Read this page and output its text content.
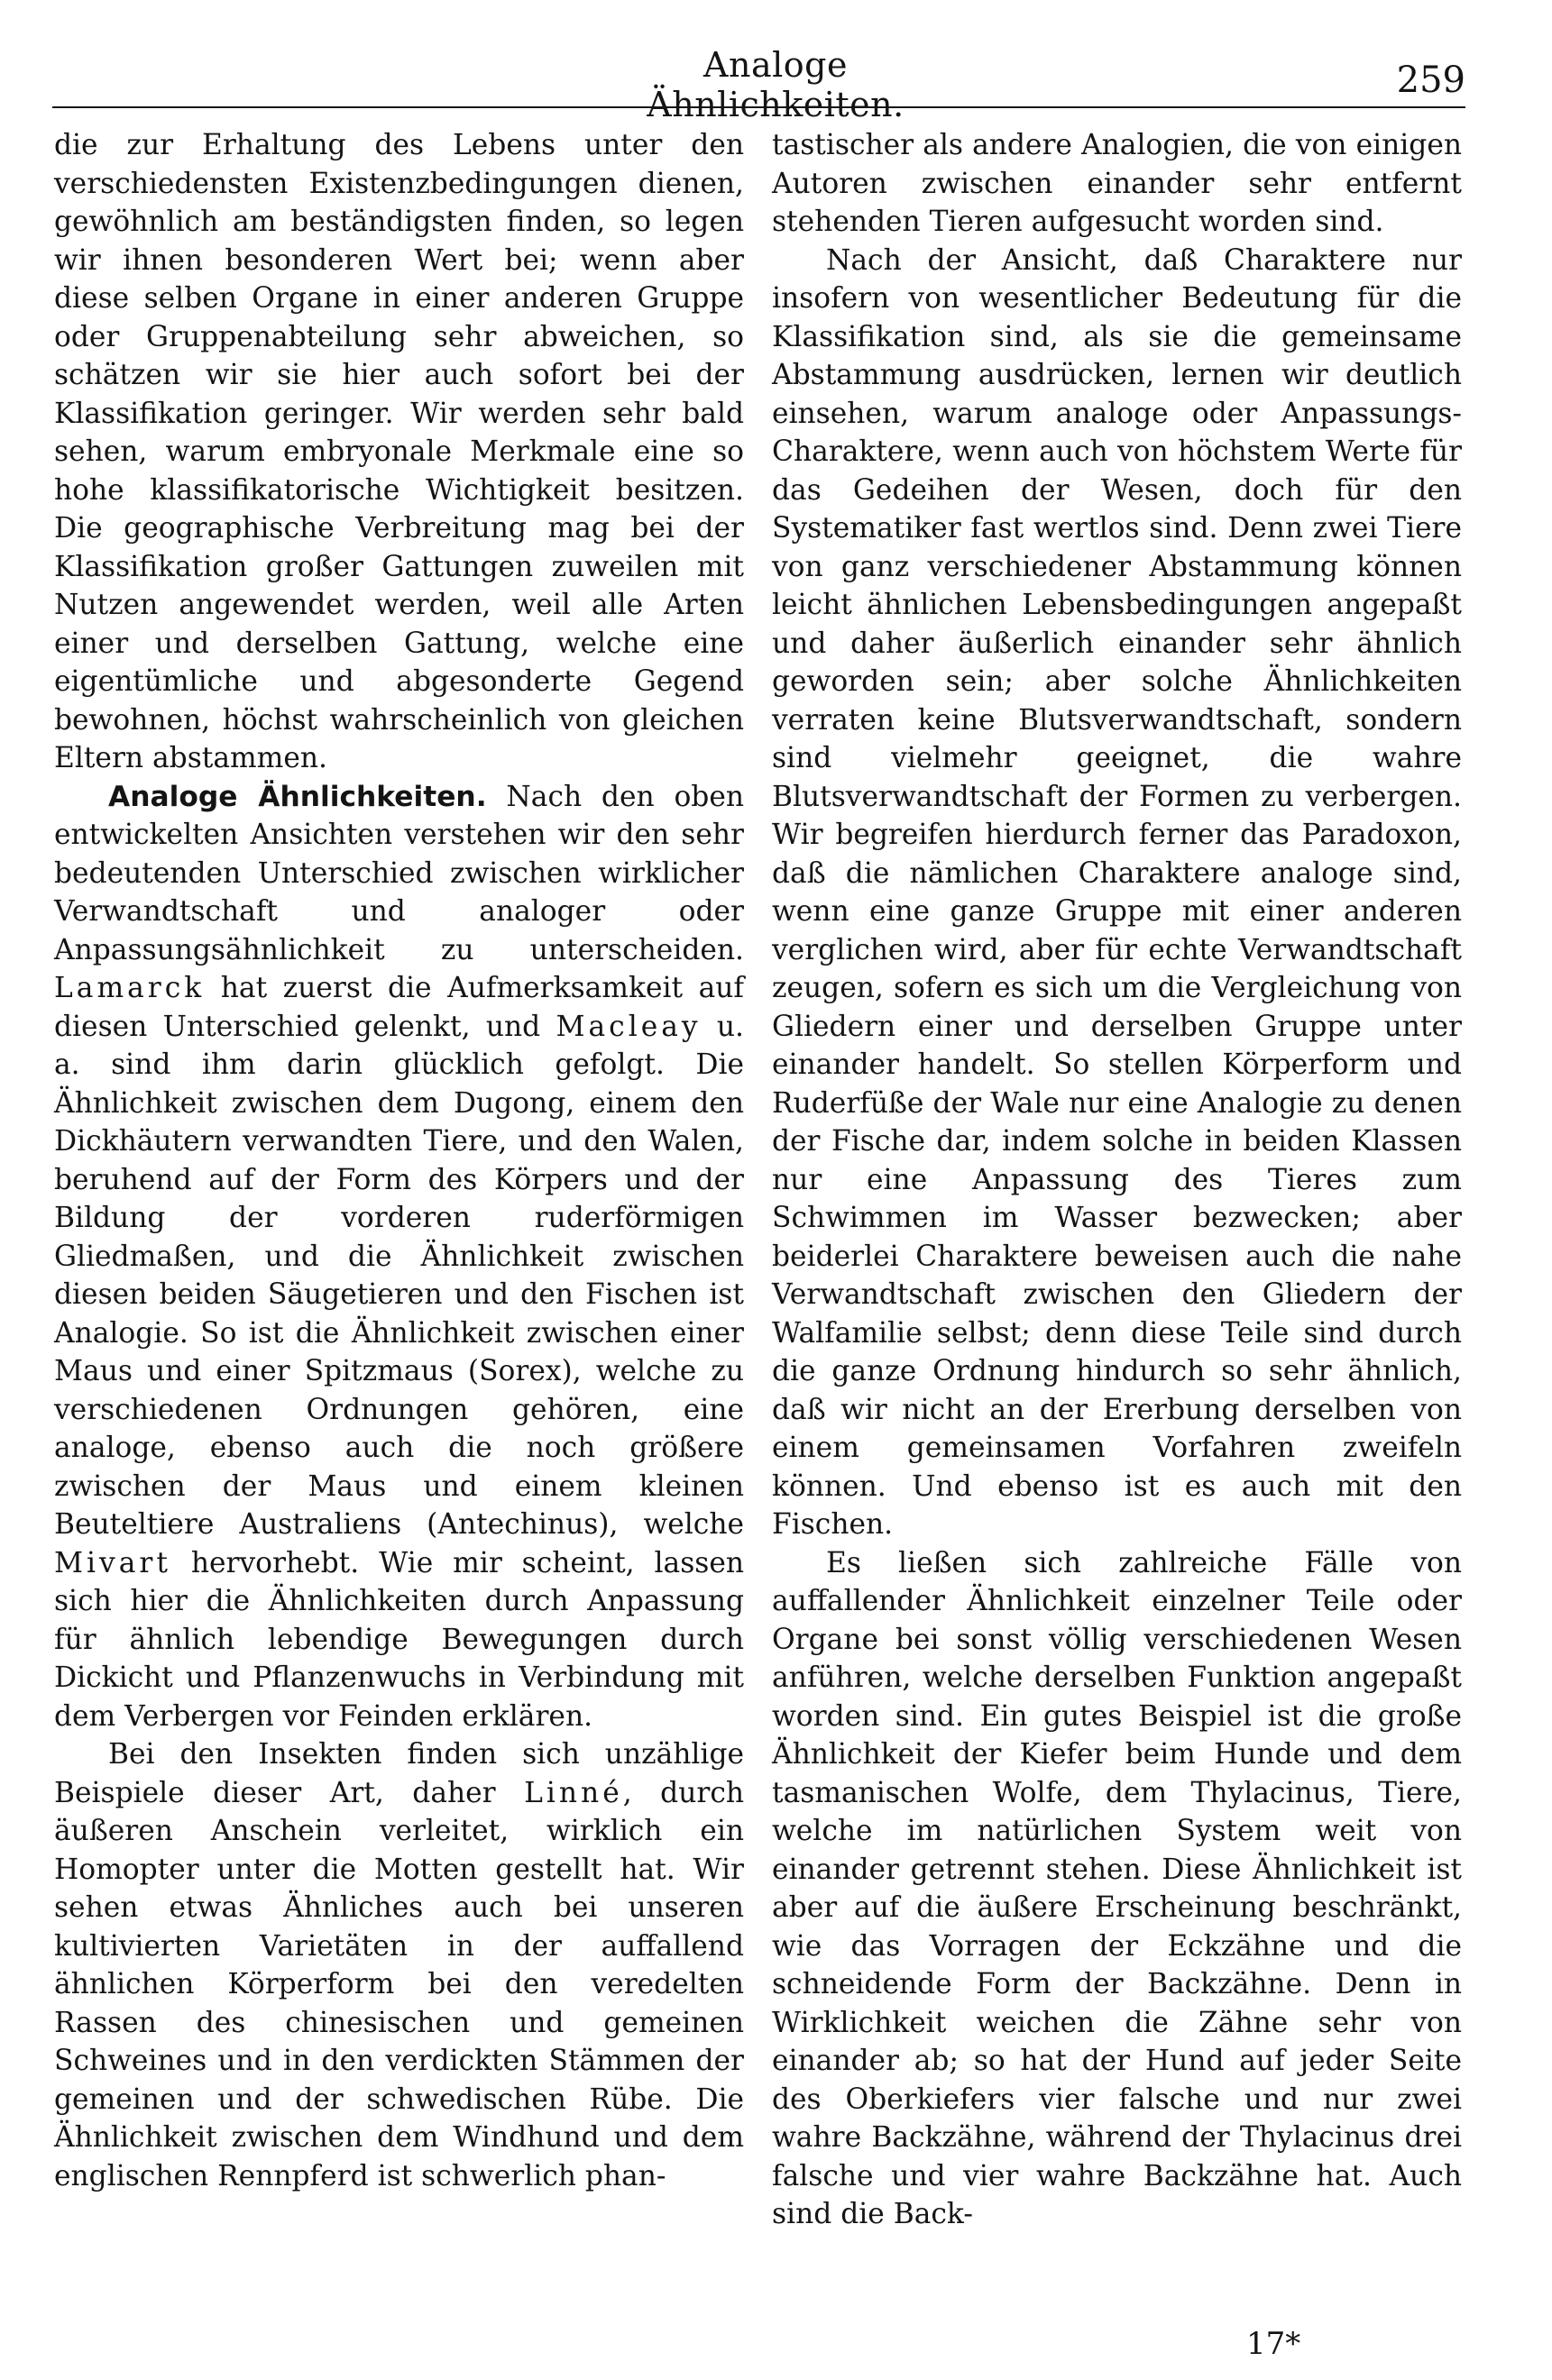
Analoge Ähnlichkeiten.
259

die zur Erhaltung des Lebens unter den verschiedensten Existenzbedingungen dienen, gewöhnlich am beständigsten finden, so legen wir ihnen besonderen Wert bei; wenn aber diese selben Organe in einer anderen Gruppe oder Gruppenabteilung sehr abweichen, so schätzen wir sie hier auch sofort bei der Klassifikation geringer. Wir werden sehr bald sehen, warum embryonale Merkmale eine so hohe klassifikatorische Wichtigkeit besitzen. Die geographische Verbreitung mag bei der Klassifikation großer Gattungen zuweilen mit Nutzen angewendet werden, weil alle Arten einer und derselben Gattung, welche eine eigentümliche und abgesonderte Gegend bewohnen, höchst wahrscheinlich von gleichen Eltern abstammen.

Analoge Ähnlichkeiten. Nach den oben entwickelten Ansichten verstehen wir den sehr bedeutenden Unterschied zwischen wirklicher Verwandtschaft und analoger oder Anpassungsähnlichkeit zu unterscheiden. Lamarck hat zuerst die Aufmerksamkeit auf diesen Unterschied gelenkt, und Macleay u. a. sind ihm darin glücklich gefolgt. Die Ähnlichkeit zwischen dem Dugong, einem den Dickhäutern verwandten Tiere, und den Walen, beruhend auf der Form des Körpers und der Bildung der vorderen ruderförmigen Gliedmaßen, und die Ähnlichkeit zwischen diesen beiden Säugetieren und den Fischen ist Analogie. So ist die Ähnlichkeit zwischen einer Maus und einer Spitzmaus (Sorex), welche zu verschiedenen Ordnungen gehören, eine analoge, ebenso auch die noch größere zwischen der Maus und einem kleinen Beuteltiere Australiens (Antechinus), welche Mivart hervorhebt. Wie mir scheint, lassen sich hier die Ähnlichkeiten durch Anpassung für ähnlich lebendige Bewegungen durch Dickicht und Pflanzenwuchs in Verbindung mit dem Verbergen vor Feinden erklären.

Bei den Insekten finden sich unzählige Beispiele dieser Art, daher Linné, durch äußeren Anschein verleitet, wirklich ein Homopter unter die Motten gestellt hat. Wir sehen etwas Ähnliches auch bei unseren kultivierten Varietäten in der auffallend ähnlichen Körperform bei den veredelten Rassen des chinesischen und gemeinen Schweines und in den verdickten Stämmen der gemeinen und der schwedischen Rübe. Die Ähnlichkeit zwischen dem Windhund und dem englischen Rennpferd ist schwerlich phan-

tastischer als andere Analogien, die von einigen Autoren zwischen einander sehr entfernt stehenden Tieren aufgesucht worden sind.

Nach der Ansicht, daß Charaktere nur insofern von wesentlicher Bedeutung für die Klassifikation sind, als sie die gemeinsame Abstammung ausdrücken, lernen wir deutlich einsehen, warum analoge oder Anpassungs-Charaktere, wenn auch von höchstem Werte für das Gedeihen der Wesen, doch für den Systematiker fast wertlos sind. Denn zwei Tiere von ganz verschiedener Abstammung können leicht ähnlichen Lebensbedingungen angepaßt und daher äußerlich einander sehr ähnlich geworden sein; aber solche Ähnlichkeiten verraten keine Blutsverwandtschaft, sondern sind vielmehr geeignet, die wahre Blutsverwandtschaft der Formen zu verbergen. Wir begreifen hierdurch ferner das Paradoxon, daß die nämlichen Charaktere analoge sind, wenn eine ganze Gruppe mit einer anderen verglichen wird, aber für echte Verwandtschaft zeugen, sofern es sich um die Vergleichung von Gliedern einer und derselben Gruppe unter einander handelt. So stellen Körperform und Ruderfüße der Wale nur eine Analogie zu denen der Fische dar, indem solche in beiden Klassen nur eine Anpassung des Tieres zum Schwimmen im Wasser bezwecken; aber beiderlei Charaktere beweisen auch die nahe Verwandtschaft zwischen den Gliedern der Walfamilie selbst; denn diese Teile sind durch die ganze Ordnung hindurch so sehr ähnlich, daß wir nicht an der Ererbung derselben von einem gemeinsamen Vorfahren zweifeln können. Und ebenso ist es auch mit den Fischen.

Es ließen sich zahlreiche Fälle von auffallender Ähnlichkeit einzelner Teile oder Organe bei sonst völlig verschiedenen Wesen anführen, welche derselben Funktion angepaßt worden sind. Ein gutes Beispiel ist die große Ähnlichkeit der Kiefer beim Hunde und dem tasmanischen Wolfe, dem Thylacinus, Tiere, welche im natürlichen System weit von einander getrennt stehen. Diese Ähnlichkeit ist aber auf die äußere Erscheinung beschränkt, wie das Vorragen der Eckzähne und die schneidende Form der Backzähne. Denn in Wirklichkeit weichen die Zähne sehr von einander ab; so hat der Hund auf jeder Seite des Oberkiefers vier falsche und nur zwei wahre Backzähne, während der Thylacinus drei falsche und vier wahre Backzähne hat. Auch sind die Back-

17*
